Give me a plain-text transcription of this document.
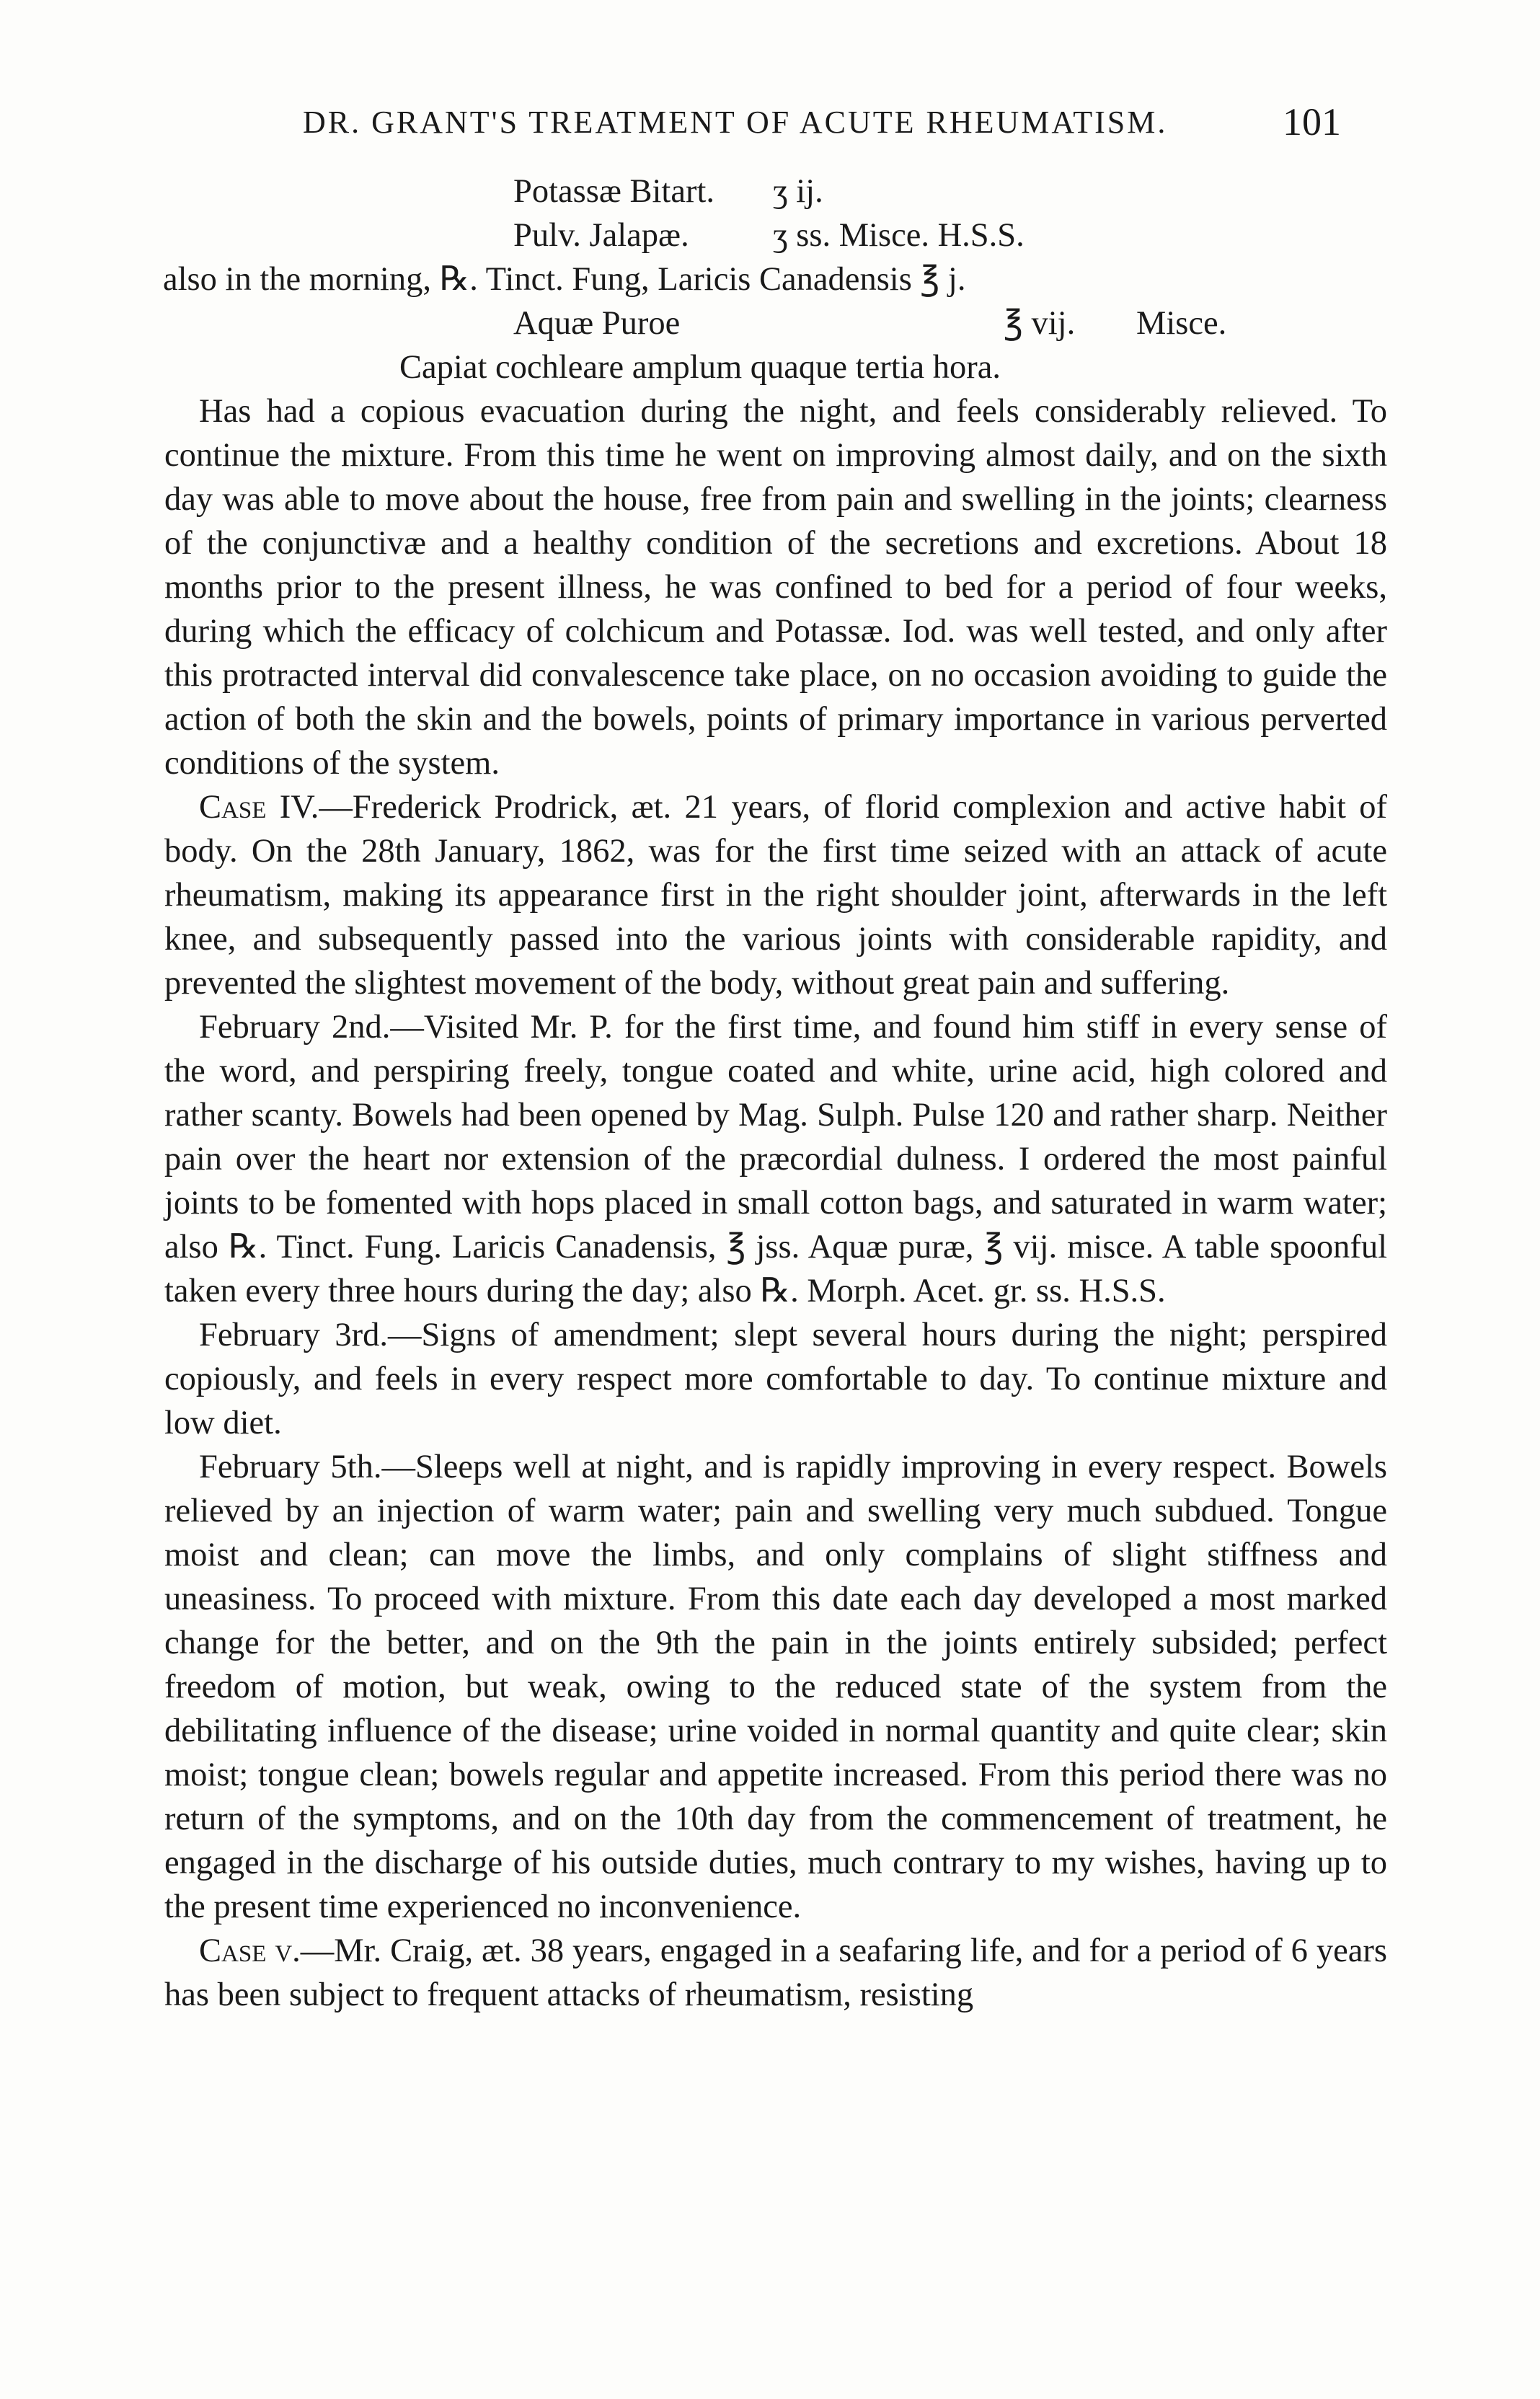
DR. GRANT'S TREATMENT OF ACUTE RHEUMATISM.	101
Potassæ Bitart. ʒ ij.
Pulv. Jalapæ.	ʒ ss. Misce. H.S.S.
also in the morning, ℞. Tinct. Fung, Laricis Canadensis ℥ j.
Aquæ Puroe	℥ vij. Misce.
Capiat cochleare amplum quaque tertia hora.

Has had a copious evacuation during the night, and feels considerably relieved. To continue the mixture. From this time he went on improving almost daily, and on the sixth day was able to move about the house, free from pain and swelling in the joints; clearness of the conjunctivæ and a healthy condition of the secretions and excretions. About 18 months prior to the present illness, he was confined to bed for a period of four weeks, during which the efficacy of colchicum and Potassæ. Iod. was well tested, and only after this protracted interval did convalescence take place, on no occasion avoiding to guide the action of both the skin and the bowels, points of primary importance in various perverted conditions of the system.

Case IV.—Frederick Prodrick, æt. 21 years, of florid complexion and active habit of body. On the 28th January, 1862, was for the first time seized with an attack of acute rheumatism, making its appearance first in the right shoulder joint, afterwards in the left knee, and subsequently passed into the various joints with considerable rapidity, and prevented the slightest movement of the body, without great pain and suffering.

February 2nd.—Visited Mr. P. for the first time, and found him stiff in every sense of the word, and perspiring freely, tongue coated and white, urine acid, high colored and rather scanty. Bowels had been opened by Mag. Sulph. Pulse 120 and rather sharp. Neither pain over the heart nor extension of the præcordial dulness. I ordered the most painful joints to be fomented with hops placed in small cotton bags, and saturated in warm water; also ℞. Tinct. Fung. Laricis Canadensis, ℥ jss. Aquæ puræ, ℥ vij. misce. A table spoonful taken every three hours during the day; also ℞. Morph. Acet. gr. ss. H.S.S.

February 3rd.—Signs of amendment; slept several hours during the night; perspired copiously, and feels in every respect more comfortable to day. To continue mixture and low diet.

February 5th.—Sleeps well at night, and is rapidly improving in every respect. Bowels relieved by an injection of warm water; pain and swelling very much subdued. Tongue moist and clean; can move the limbs, and only complains of slight stiffness and uneasiness. To proceed with mixture. From this date each day developed a most marked change for the better, and on the 9th the pain in the joints entirely subsided; perfect freedom of motion, but weak, owing to the reduced state of the system from the debilitating influence of the disease; urine voided in normal quantity and quite clear; skin moist; tongue clean; bowels regular and appetite increased. From this period there was no return of the symptoms, and on the 10th day from the commencement of treatment, he engaged in the discharge of his outside duties, much contrary to my wishes, having up to the present time experienced no inconvenience.

Case v.—Mr. Craig, æt. 38 years, engaged in a seafaring life, and for a period of 6 years has been subject to frequent attacks of rheumatism, resisting
